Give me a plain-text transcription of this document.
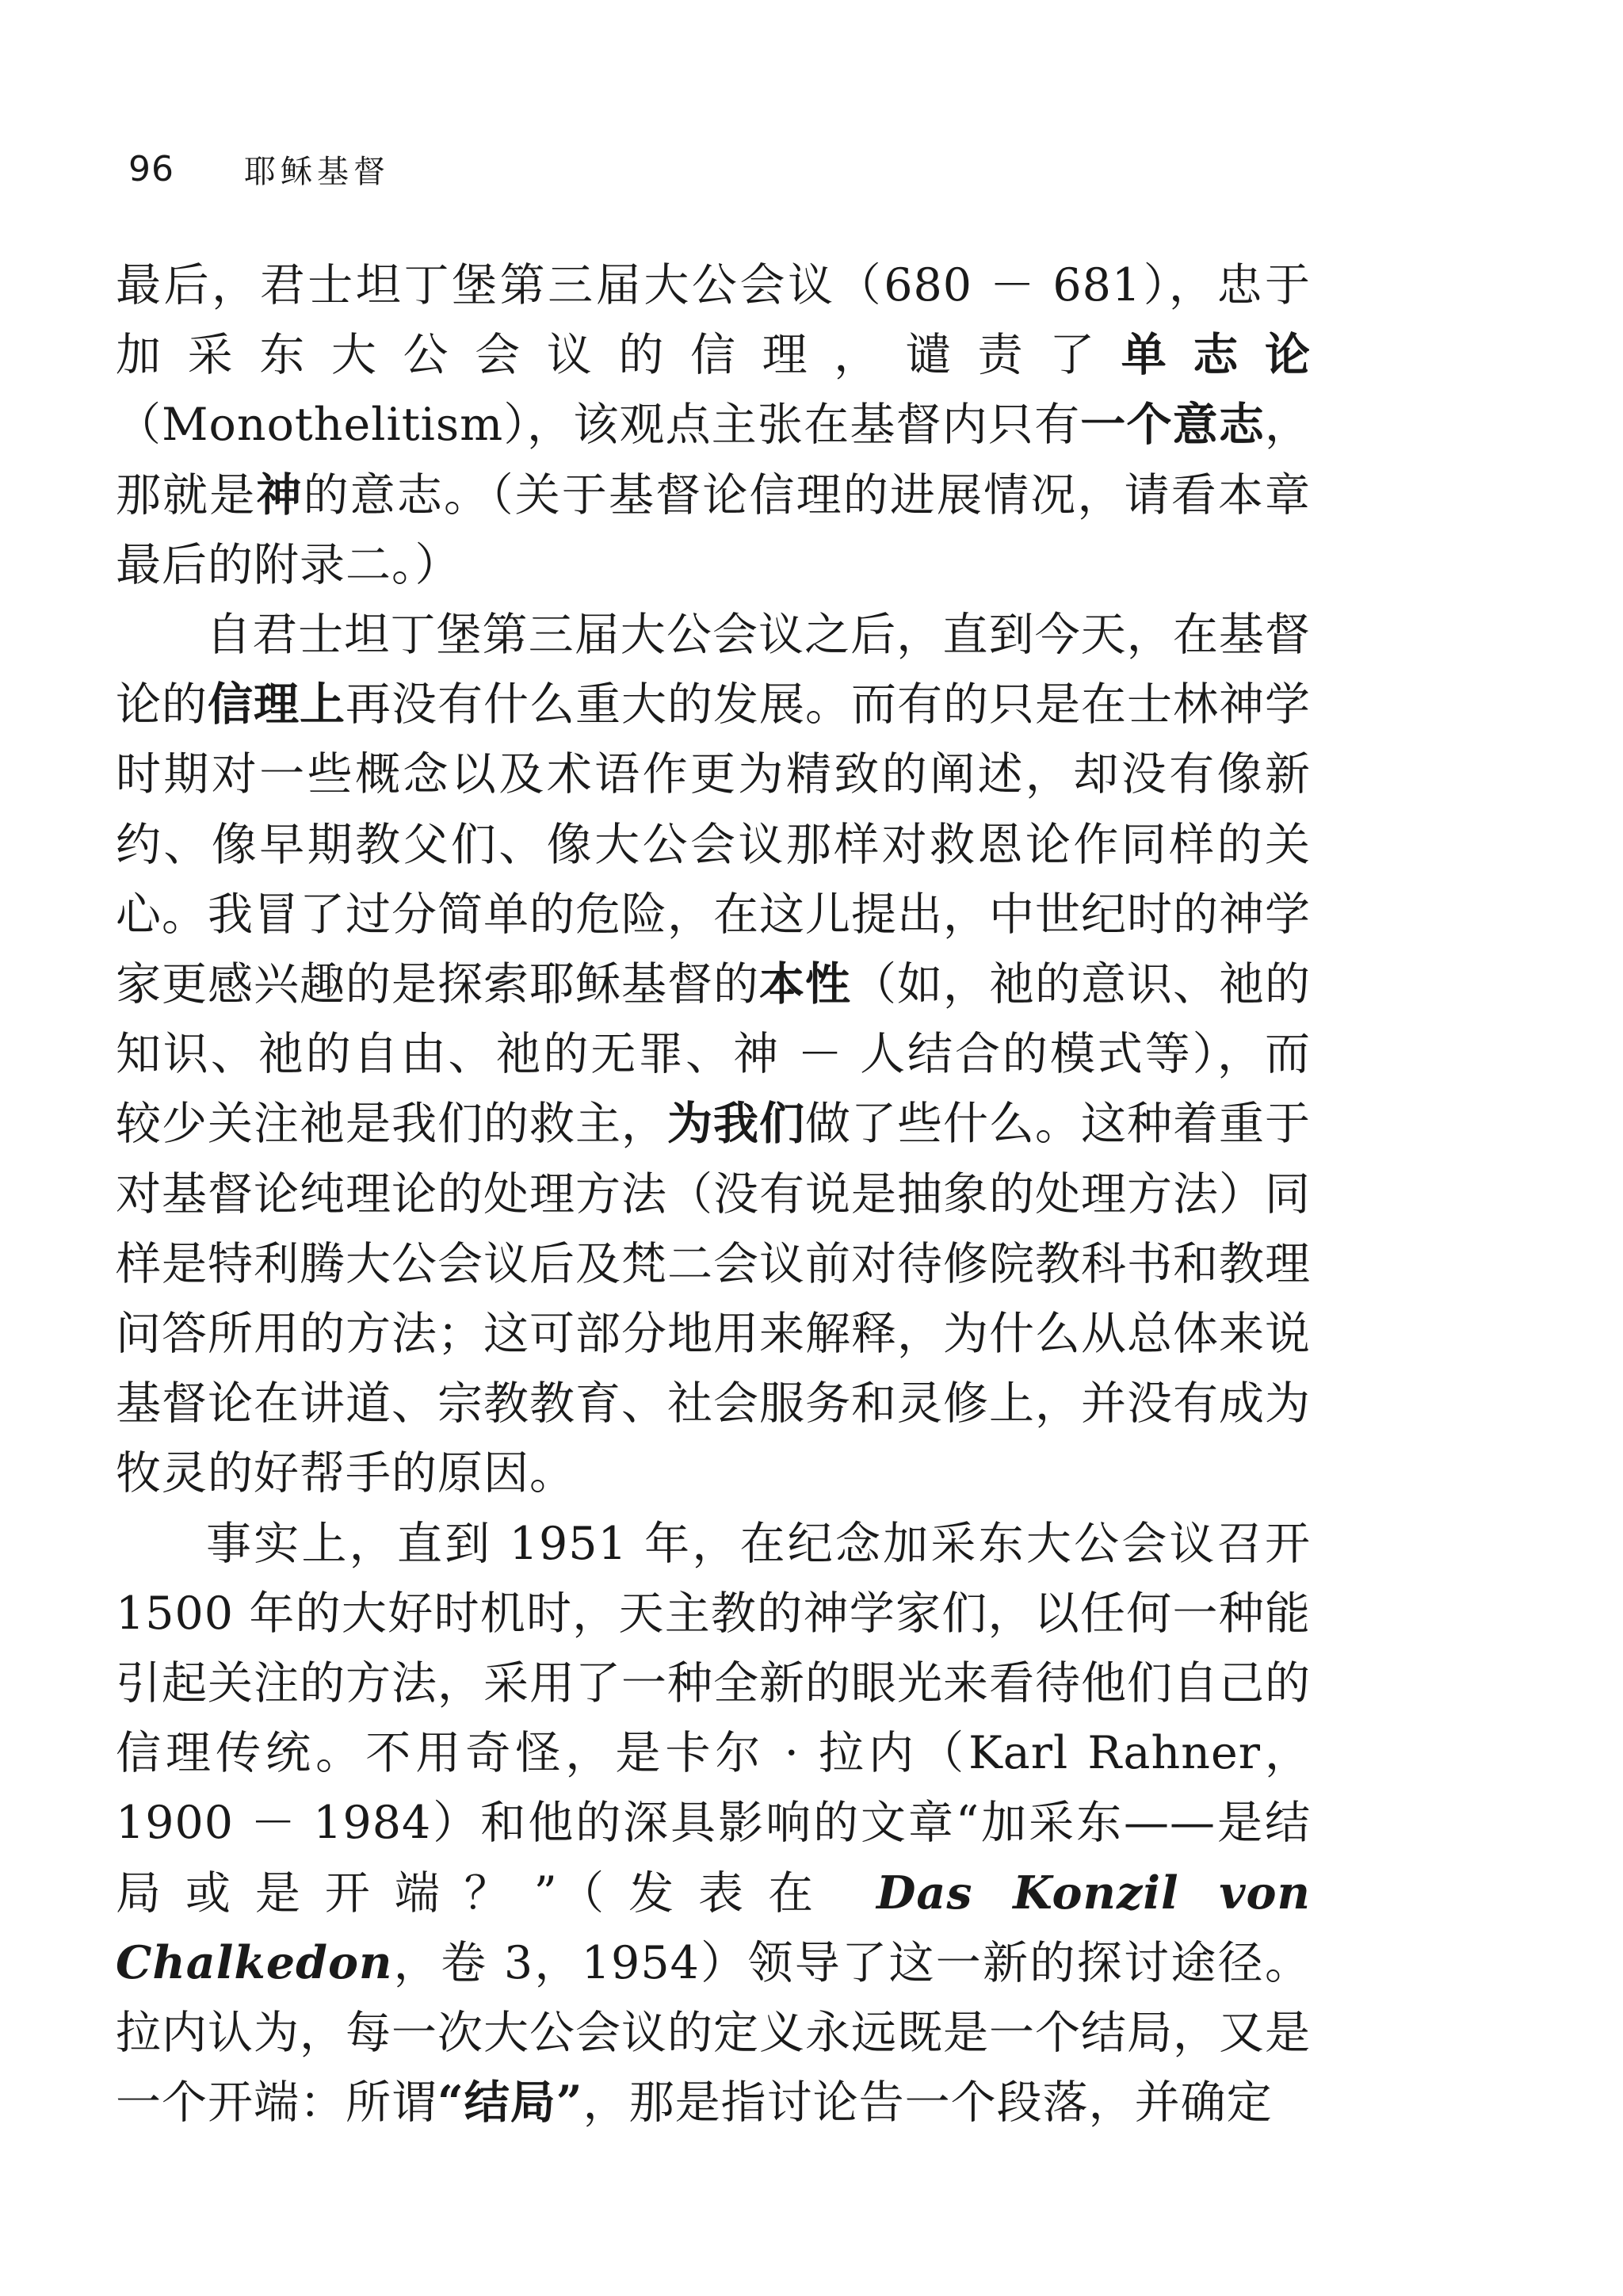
96 耶稣基督

最后，君士坦丁堡第三届大公会议（680 － 681），忠于加采东大公会议的信理，谴责了单志论（Monothelitism），该观点主张在基督内只有一个意志，那就是神的意志。（关于基督论信理的进展情况，请看本章最后的附录二。）

自君士坦丁堡第三届大公会议之后，直到今天，在基督论的信理上再没有什么重大的发展。而有的只是在士林神学时期对一些概念以及术语作更为精致的阐述，却没有像新约、像早期教父们、像大公会议那样对救恩论作同样的关心。我冒了过分简单的危险，在这儿提出，中世纪时的神学家更感兴趣的是探索耶稣基督的本性（如，祂的意识、祂的知识、祂的自由、祂的无罪、神 － 人结合的模式等），而较少关注祂是我们的救主，为我们做了些什么。这种着重于对基督论纯理论的处理方法（没有说是抽象的处理方法）同样是特利腾大公会议后及梵二会议前对待修院教科书和教理问答所用的方法；这可部分地用来解释，为什么从总体来说基督论在讲道、宗教教育、社会服务和灵修上，并没有成为牧灵的好帮手的原因。

事实上，直到 1951 年，在纪念加采东大公会议召开 1500 年的大好时机时，天主教的神学家们，以任何一种能引起关注的方法，采用了一种全新的眼光来看待他们自己的信理传统。不用奇怪，是卡尔 · 拉内（Karl Rahner，1900 － 1984）和他的深具影响的文章“加采东——是结局或是开端？”（发表在 Das Konzil von Chalkedon，卷 3，1954）领导了这一新的探讨途径。拉内认为，每一次大公会议的定义永远既是一个结局，又是一个开端：所谓“结局”，那是指讨论告一个段落，并确定
